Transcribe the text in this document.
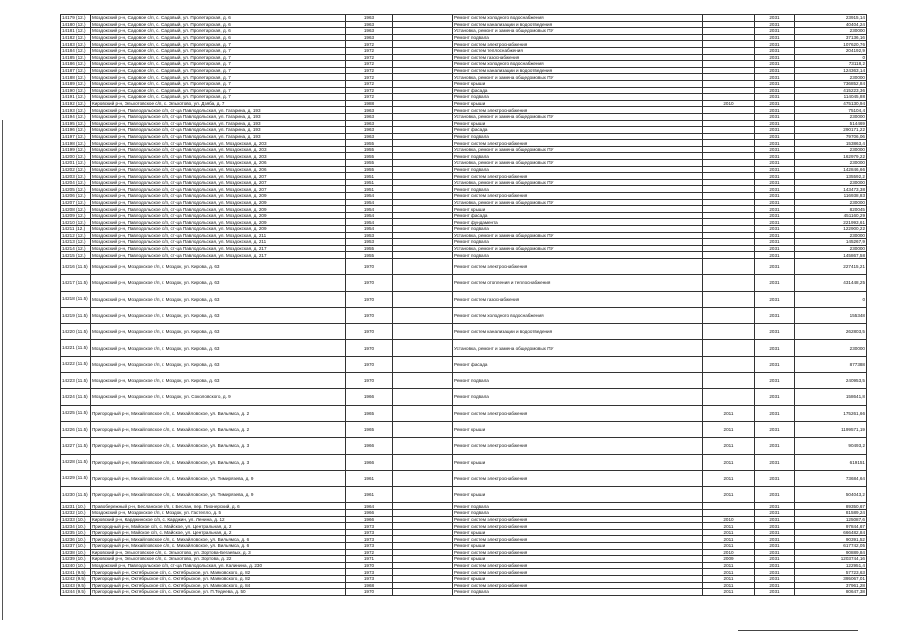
14179 (12.)	Моздокский р-н, Садовое с/п, с. Садовый, ул. Пролетарская, д. 6	1963		Ремонт систем холодного водоснабжения		2031	23915,14
14180 (12.)	Моздокский р-н, Садовое с/п, с. Садовый, ул. Пролетарская, д. 6	1963		Ремонт систем канализации и водоотведения		2031	40404,24
14181 (12.)	Моздокский р-н, Садовое с/п, с. Садовый, ул. Пролетарская, д. 6	1963		Установка, ремонт и замена общедомовых ПУ		2031	230000
14182 (12.)	Моздокский р-н, Садовое с/п, с. Садовый, ул. Пролетарская, д. 6	1963		Ремонт подвала		2031	37136,16
14183 (12.)	Моздокский р-н, Садовое с/п, с. Садовый, ул. Пролетарская, д. 7	1972		Ремонт систем электроснабжения		2031	107620,76
14184 (12.)	Моздокский р-н, Садовое с/п, с. Садовый, ул. Пролетарская, д. 7	1972		Ремонт систем теплоснабжения		2031	204192,9
14185 (12.)	Моздокский р-н, Садовое с/п, с. Садовый, ул. Пролетарская, д. 7	1972		Ремонт систем газоснабжения		2031	0
14186 (12.)	Моздокский р-н, Садовое с/п, с. Садовый, ул. Пролетарская, д. 7	1972		Ремонт систем холодного водоснабжения		2031	73118,2
14187 (12.)	Моздокский р-н, Садовое с/п, с. Садовый, ул. Пролетарская, д. 7	1972		Ремонт систем канализации и водоотведения		2031	124363,14
14188 (12.)	Моздокский р-н, Садовое с/п, с. Садовый, ул. Пролетарская, д. 7	1972		Установка, ремонт и замена общедомовых ПУ		2031	230000
14189 (12.)	Моздокский р-н, Садовое с/п, с. Садовый, ул. Пролетарская, д. 7	1972		Ремонт крыши		2031	736852,84
14190 (12.)	Моздокский р-н, Садовое с/п, с. Садовый, ул. Пролетарская, д. 7	1972		Ремонт фасада		2031	415223,36
14191 (12.)	Моздокский р-н, Садовое с/п, с. Садовый, ул. Пролетарская, д. 7	1972		Ремонт подвала		2031	114045,88
14192 (12.)	Кировский р-н, Эльхотовское с/п, с. Эльхотово, ул. Дзяба, д. 7	1988		Ремонт крыши	2010	2031	475130,94
14193 (12.)	Моздокский р-н, Павлодольское с/п, ст-ца Павлодольская, ул. Гагарина, д. 193	1963		Ремонт систем электроснабжения		2031	75104,4
14194 (12.)	Моздокский р-н, Павлодольское с/п, ст-ца Павлодольская, ул. Гагарина, д. 193	1963		Установка, ремонт и замена общедомовых ПУ		2031	230000
14195 (12.)	Моздокский р-н, Павлодольское с/п, ст-ца Павлодольская, ул. Гагарина, д. 193	1963		Ремонт крыши		2031	514469
14196 (12.)	Моздокский р-н, Павлодольское с/п, ст-ца Павлодольская, ул. Гагарина, д. 193	1963		Ремонт фасада		2031	290171,22
14197 (12.)	Моздокский р-н, Павлодольское с/п, ст-ца Павлодольская, ул. Гагарина, д. 193	1963		Ремонт подвала		2031	79706,06
14198 (12.)	Моздокский р-н, Павлодольское с/п, ст-ца Павлодольская, ул. Моздокская, д. 203	1955		Ремонт систем электроснабжения		2031	153863,4
14199 (12.)	Моздокский р-н, Павлодольское с/п, ст-ца Павлодольская, ул. Моздокская, д. 203	1955		Установка, ремонт и замена общедомовых ПУ		2031	230000
14200 (12.)	Моздокский р-н, Павлодольское с/п, ст-ца Павлодольская, ул. Моздокская, д. 203	1955		Ремонт подвала		2031	162979,22
14201 (12.)	Моздокский р-н, Павлодольское с/п, ст-ца Павлодольская, ул. Моздокская, д. 206	1955		Установка, ремонт и замена общедомовых ПУ		2031	230000
14202 (12.)	Моздокский р-н, Павлодольское с/п, ст-ца Павлодольская, ул. Моздокская, д. 206	1955		Ремонт подвала		2031	142846,66
14203 (12.)	Моздокский р-н, Павлодольское с/п, ст-ца Павлодольская, ул. Моздокская, д. 207	1951		Ремонт систем электроснабжения		2031	135592,2
14204 (12.)	Моздокский р-н, Павлодольское с/п, ст-ца Павлодольская, ул. Моздокская, д. 207	1951		Установка, ремонт и замена общедомовых ПУ		2031	230000
14205 (12.)	Моздокский р-н, Павлодольское с/п, ст-ца Павлодольская, ул. Моздокская, д. 207	1951		Ремонт подвала		2031	143473,38
14206 (12.)	Моздокский р-н, Павлодольское с/п, ст-ца Павлодольская, ул. Моздокская, д. 209	1954		Ремонт систем электроснабжения		2031	116938,83
14207 (12.)	Моздокский р-н, Павлодольское с/п, ст-ца Павлодольская, ул. Моздокская, д. 209	1954		Установка, ремонт и замена общедомовых ПУ		2031	230000
14208 (12.)	Моздокский р-н, Павлодольское с/п, ст-ца Павлодольская, ул. Моздокская, д. 209	1954		Ремонт крыши		2031	820045
14209 (12.)	Моздокский р-н, Павлодольское с/п, ст-ца Павлодольская, ул. Моздокская, д. 209	1954		Ремонт фасада		2031	451160,29
14210 (12.)	Моздокский р-н, Павлодольское с/п, ст-ца Павлодольская, ул. Моздокская, д. 209	1954		Ремонт фундамента		2031	221993,61
14211 (12.)	Моздокский р-н, Павлодольское с/п, ст-ца Павлодольская, ул. Моздокская, д. 209	1954		Ремонт подвала		2031	122900,22
14212 (12.)	Моздокский р-н, Павлодольское с/п, ст-ца Павлодольская, ул. Моздокская, д. 211	1953		Установка, ремонт и замена общедомовых ПУ		2031	230000
14213 (12.)	Моздокский р-н, Павлодольское с/п, ст-ца Павлодольская, ул. Моздокская, д. 211	1953		Ремонт подвала		2031	145267,9
14214 (12.)	Моздокский р-н, Павлодольское с/п, ст-ца Павлодольская, ул. Моздокская, д. 217	1955		Установка, ремонт и замена общедомовых ПУ		2031	230000
14215 (12.)	Моздокский р-н, Павлодольское с/п, ст-ца Павлодольская, ул. Моздокская, д. 217	1955		Ремонт подвала		2031	145867,58
14216 (11.5)	Моздокский р-н, Моздокское г/п, г. Моздок, ул. Кирова, д. 63	1970		Ремонт систем электроснабжения		2031	227415,21
14217 (11.5)	Моздокский р-н, Моздокское г/п, г. Моздок, ул. Кирова, д. 63	1970		Ремонт систем отопления и теплоснабжения		2031	431448,25
14218 (11.5)	Моздокский р-н, Моздокское г/п, г. Моздок, ул. Кирова, д. 63	1970		Ремонт систем газоснабжения		2031	0
14219 (11.5)	Моздокский р-н, Моздокское г/п, г. Моздок, ул. Кирова, д. 63	1970		Ремонт систем холодного водоснабжения		2031	155348
14220 (11.5)	Моздокский р-н, Моздокское г/п, г. Моздок, ул. Кирова, д. 63	1970		Ремонт систем канализации и водоотведения		2031	262803,5
14221 (11.5)	Моздокский р-н, Моздокское г/п, г. Моздок, ул. Кирова, д. 63	1970		Установка, ремонт и замена общедомовых ПУ		2031	230000
14222 (11.5)	Моздокский р-н, Моздокское г/п, г. Моздок, ул. Кирова, д. 63	1970		Ремонт фасада		2031	877388
14223 (11.5)	Моздокский р-н, Моздокское г/п, г. Моздок, ул. Кирова, д. 63	1970		Ремонт подвала		2031	240953,5
14224 (11.5)	Моздокский р-н, Моздокское г/п, г. Моздок, ул. Соколовского, д. 9	1966		Ремонт подвала		2031	158641,8
14225 (11.5)	Пригородный р-н, Михайловское с/п, с. Михайловское, ул. Вильямса, д. 2	1965		Ремонт систем электроснабжения	2011	2031	175261,66
14226 (11.5)	Пригородный р-н, Михайловское с/п, с. Михайловское, ул. Вильямса, д. 2	1965		Ремонт крыши	2011	2031	1199571,19
14227 (11.5)	Пригородный р-н, Михайловское с/п, с. Михайловское, ул. Вильямса, д. 3	1966		Ремонт систем электроснабжения	2011	2031	90493,2
14228 (11.5)	Пригородный р-н, Михайловское с/п, с. Михайловское, ул. Вильямса, д. 3	1966		Ремонт крыши	2011	2031	619151
14229 (11.5)	Пригородный р-н, Михайловское с/п, с. Михайловское, ул. Тимирязева, д. 9	1961		Ремонт систем электроснабжения	2011	2031	73684,64
14230 (11.5)	Пригородный р-н, Михайловское с/п, с. Михайловское, ул. Тимирязева, д. 9	1961		Ремонт крыши	2011	2031	504043,2
14231 (10.)	Правобережный р-н, Бесланское г/п, г. Беслан, пер. Пионерский, д. 6	1964		Ремонт подвала		2031	89350,67
14232 (10.)	Моздокский р-н, Моздокское г/п, г. Моздок, ул. Гастелло, д. 5	1966		Ремонт подвала		2031	81589,24
14233 (10.)	Кировский р-н, Карджинское с/п, с. Карджин, ул. Ленина, д. 12	1966		Ремонт систем электроснабжения	2010	2031	125087,6
14234 (10.)	Пригородный р-н, Майское с/п, с. Майское, ул. Центральная, д. 2	1973		Ремонт систем электроснабжения	2011	2031	97844,67
14235 (10.)	Пригородный р-н, Майское с/п, с. Майское, ул. Центральная, д. 2	1973		Ремонт крыши	2011	2031	666482,84
14236 (10.)	Пригородный р-н, Михайловское с/п, с. Михайловское, ул. Вильямса, д. 6	1973		Ремонт систем электроснабжения	2011	2031	90391,52
14237 (10.)	Пригородный р-н, Михайловское с/п, с. Михайловское, ул. Вильямса, д. 6	1973		Ремонт крыши	2011	2031	617742,05
14238 (10.)	Кировский р-н, Эльхотовское с/п, с. Эльхотово, ул. Зортова-Бегаевых, д. 3	1972		Ремонт систем электроснабжения	2010	2031	90889,84
14239 (10.)	Кировский р-н, Эльхотовское с/п, с. Эльхотово, ул. Зортова, д. 22	1971		Ремонт крыши	2009	2031	1203744,16
14240 (10.)	Моздокский р-н, Павлодольское с/п, ст-ца Павлодольская, ул. Калинина, д. 230	1970		Ремонт систем электроснабжения	2011	2031	122951,4
14241 (9.5)	Пригородный р-н, Октябрьское с/п, с. Октябрьское, ул. Маяковского, д. 82	1973		Ремонт систем электроснабжения	2011	2031	57723,63
14242 (9.5)	Пригородный р-н, Октябрьское с/п, с. Октябрьское, ул. Маяковского, д. 82	1973		Ремонт крыши	2011	2031	395067,01
14243 (9.5)	Пригородный р-н, Октябрьское с/п, с. Октябрьское, ул. Маяковского, д. 84	1968		Ремонт систем электроснабжения	2011	2031	37961,28
14244 (9.5)	Пригородный р-н, Октябрьское с/п, с. Октябрьское, ул. П.Тедеева, д. 50	1970		Ремонт подвала	2011	2031	80647,38
